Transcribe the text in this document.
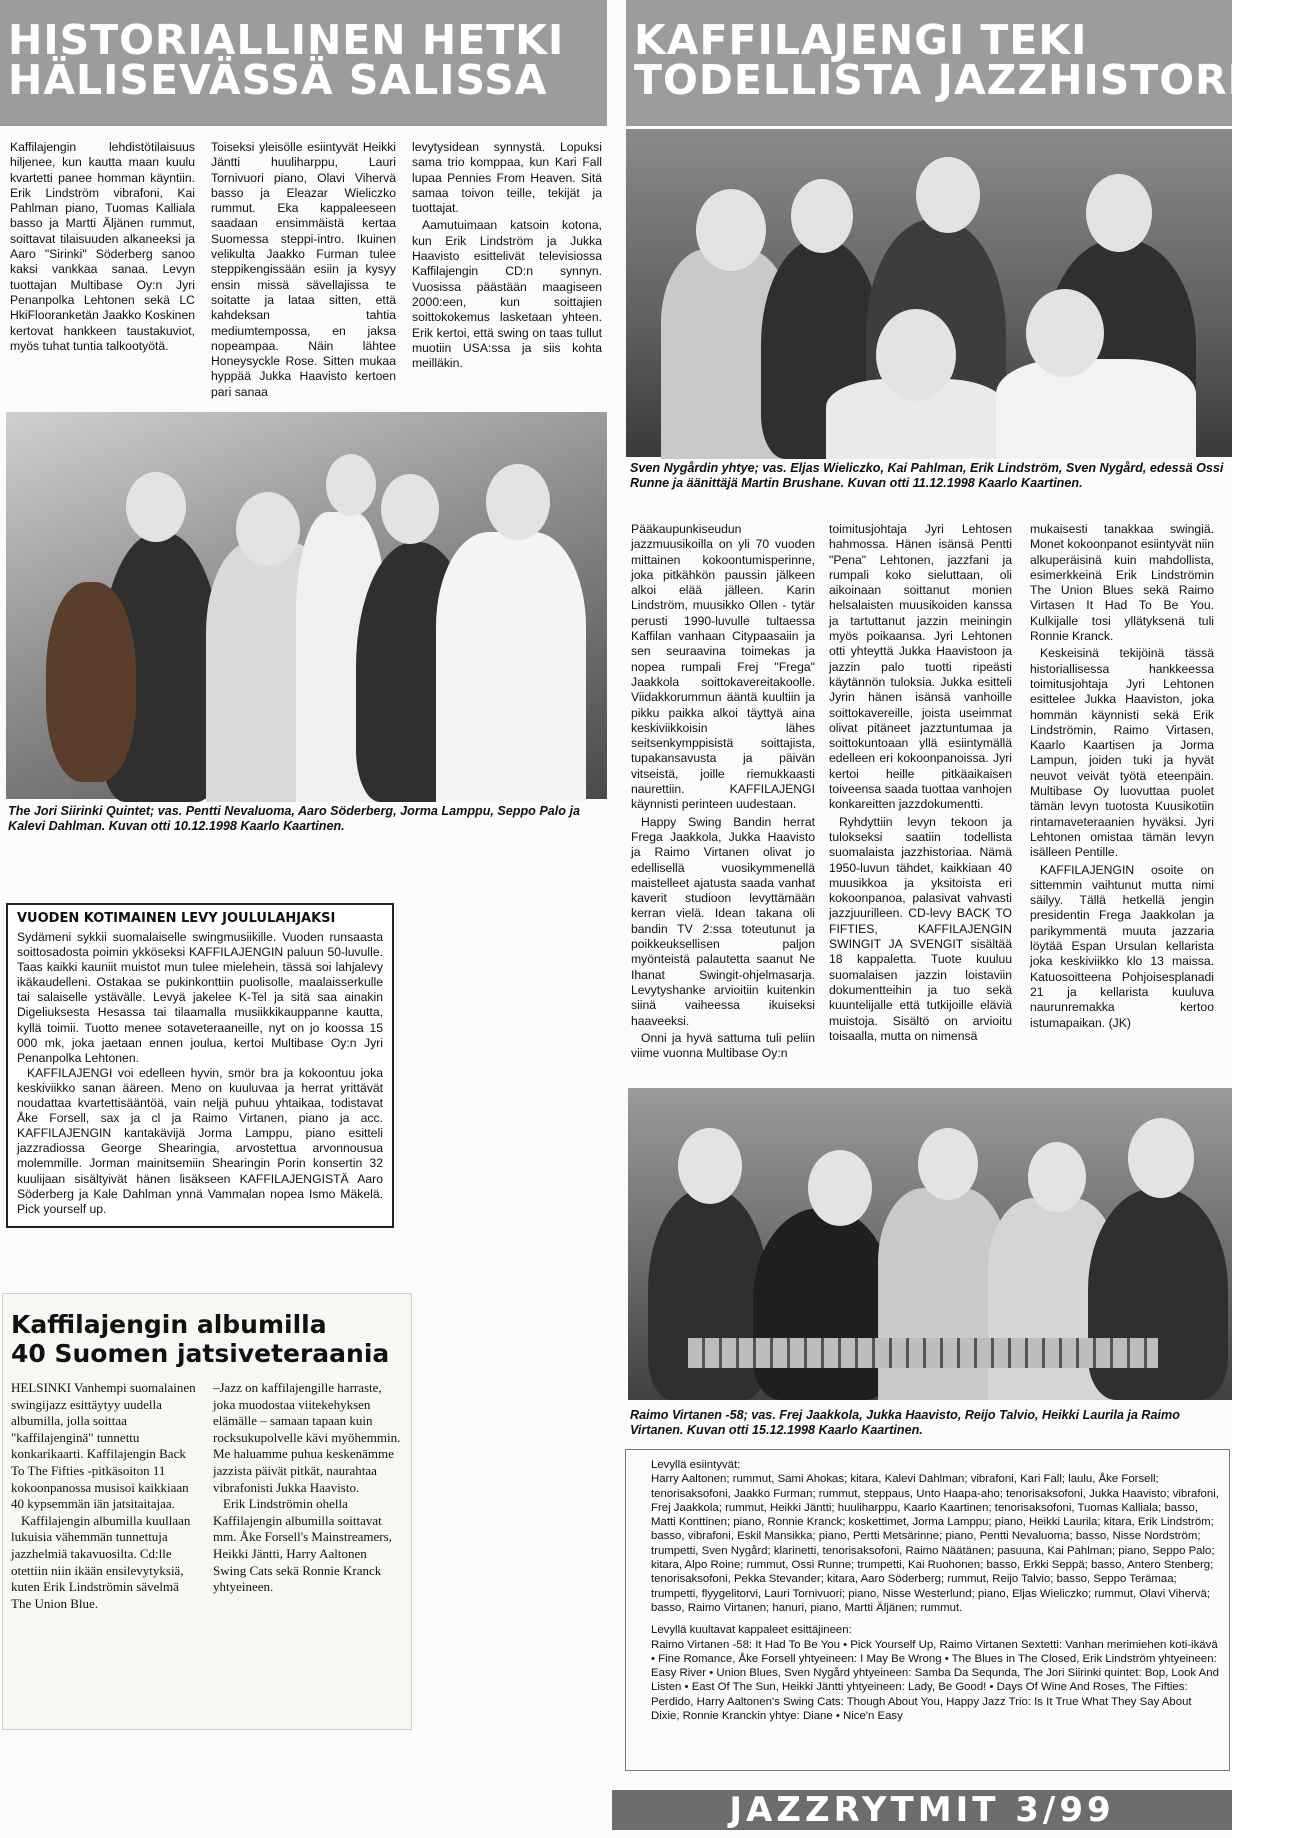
HISTORIALLINEN HETKI
HÄLISEVÄSSÄ SALISSA

Kaffilajengin lehdistötilaisuus hiljenee, kun kautta maan kuulu kvartetti panee homman käyntiin. Erik Lindström vibrafoni, Kai Pahlman piano, Tuomas Kalliala basso ja Martti Äljänen rummut, soittavat tilaisuuden alkaneeksi ja Aaro "Sirinki" Söderberg sanoo kaksi vankkaa sanaa. Levyn tuottajan Multibase Oy:n Jyri Penanpolka Lehtonen sekä LC HkiFlooranketän Jaakko Koskinen kertovat hankkeen taustakuviot, myös tuhat tuntia talkootyötä.

Toiseksi yleisölle esiintyvät Heikki Jäntti huuliharppu, Lauri Tornivuori piano, Olavi Vihervä basso ja Eleazar Wieliczko rummut. Eka kappaleeseen saadaan ensimmäistä kertaa Suomessa steppi-intro. Ikuinen velikulta Jaakko Furman tulee steppikengissään esiin ja kysyy ensin missä sävellajissa te soitatte ja lataa sitten, että kahdeksan tahtia mediumtempossa, en jaksa nopeampaa. Näin lähtee Honeysyckle Rose. Sitten mukaa hyppää Jukka Haavisto kertoen pari sanaa

levytysidean synnystä. Lopuksi sama trio komppaa, kun Kari Fall lupaa Pennies From Heaven. Sitä samaa toivon teille, tekijät ja tuottajat.

Aamutuimaan katsoin kotona, kun Erik Lindström ja Jukka Haavisto esittelivät televisiossa Kaffilajengin CD:n synnyn. Vuosissa päästään maagiseen 2000:een, kun soittajien soittokokemus lasketaan yhteen. Erik kertoi, että swing on taas tullut muotiin USA:ssa ja siis kohta meilläkin.

The Jori Siirinki Quintet; vas. Pentti Nevaluoma, Aaro Söderberg, Jorma Lamppu, Seppo Palo ja Kalevi Dahlman. Kuvan otti 10.12.1998 Kaarlo Kaartinen.
VUODEN KOTIMAINEN LEVY JOULULAHJAKSI

Sydämeni sykkii suomalaiselle swingmusiikille. Vuoden runsaasta soittosadosta poimin ykköseksi KAFFILAJENGIN paluun 50-luvulle. Taas kaikki kauniit muistot mun tulee mielehein, tässä soi lahjalevy ikäkaudelleni. Ostakaa se pukinkonttiin puolisolle, maalaisserkulle tai salaiselle ystävälle. Levyä jakelee K-Tel ja sitä saa ainakin Digeliuksesta Hesassa tai tilaamalla musiikkikauppanne kautta, kyllä toimii. Tuotto menee sotaveteraaneille, nyt on jo koossa 15 000 mk, joka jaetaan ennen joulua, kertoi Multibase Oy:n Jyri Penanpolka Lehtonen.

KAFFILAJENGI voi edelleen hyvin, smör bra ja kokoontuu joka keskiviikko sanan ääreen. Meno on kuuluvaa ja herrat yrittävät noudattaa kvartettisääntöä, vain neljä puhuu yhtaikaa, todistavat Åke Forsell, sax ja cl ja Raimo Virtanen, piano ja acc. KAFFILAJENGIN kantakävijä Jorma Lamppu, piano esitteli jazzradiossa George Shearingia, arvostettua arvonnousua molemmille. Jorman mainitsemiin Shearingin Porin konsertin 32 kuulijaan sisältyivät hänen lisäkseen KAFFILAJENGISTÄ Aaro Söderberg ja Kale Dahlman ynnä Vammalan nopea Ismo Mäkelä. Pick yourself up.

Kaffilajengin albumilla
40 Suomen jatsiveteraania

HELSINKI Vanhempi suomalainen swingijazz esittäytyy uudella albumilla, jolla soittaa "kaffilajenginä" tunnettu konkarikaarti. Kaffilajengin Back To The Fifties -pitkäsoiton 11 kokoonpanossa musisoi kaikkiaan 40 kypsemmän iän jatsitaitajaa.

Kaffilajengin albumilla kuullaan lukuisia vähemmän tunnettuja jazzhelmiä takavuosilta. Cd:lle otettiin niin ikään ensilevytyksiä, kuten Erik Lindströmin sävelmä The Union Blue.

–Jazz on kaffilajengille harraste, joka muodostaa viitekehyksen elämälle – samaan tapaan kuin rocksukupolvelle kävi myöhemmin. Me haluamme puhua keskenämme jazzista päivät pitkät, naurahtaa vibrafonisti Jukka Haavisto.

Erik Lindströmin ohella Kaffilajengin albumilla soittavat mm. Åke Forsell's Mainstreamers, Heikki Jäntti, Harry Aaltonen Swing Cats sekä Ronnie Kranck yhtyeineen.

KAFFILAJENGI TEKI
TODELLISTA JAZZHISTORIAA
Sven Nygårdin yhtye; vas. Eljas Wieliczko, Kai Pahlman, Erik Lindström, Sven Nygård, edessä Ossi Runne ja äänittäjä Martin Brushane. Kuvan otti 11.12.1998 Kaarlo Kaartinen.

Pääkaupunkiseudun jazzmuusikoilla on yli 70 vuoden mittainen kokoontumisperinne, joka pitkähkön paussin jälkeen alkoi elää jälleen. Karin Lindström, muusikko Ollen - tytär perusti 1990-luvulle tultaessa Kaffilan vanhaan Citypaasaiin ja sen seuraavina toimekas ja nopea rumpali Frej "Frega" Jaakkola soittokavereitakoolle. Viidakkorummun ääntä kuultiin ja pikku paikka alkoi täyttyä aina keskiviikkoisin lähes seitsenkymppisistä soittajista, tupakansavusta ja päivän vitseistä, joille riemukkaasti naurettiin. KAFFILAJENGI käynnisti perinteen uudestaan.

Happy Swing Bandin herrat Frega Jaakkola, Jukka Haavisto ja Raimo Virtanen olivat jo edellisellä vuosikymmenellä maistelleet ajatusta saada vanhat kaverit studioon levyttämään kerran vielä. Idean takana oli bandin TV 2:ssa toteutunut ja poikkeuksellisen paljon myönteistä palautetta saanut Ne Ihanat Swingit-ohjelmasarja. Levytyshanke arvioitiin kuitenkin siinä vaiheessa ikuiseksi haaveeksi.

Onni ja hyvä sattuma tuli peliin viime vuonna Multibase Oy:n

toimitusjohtaja Jyri Lehtosen hahmossa. Hänen isänsä Pentti "Pena" Lehtonen, jazzfani ja rumpali koko sieluttaan, oli aikoinaan soittanut monien helsalaisten muusikoiden kanssa ja tartuttanut jazzin meiningin myös poikaansa. Jyri Lehtonen otti yhteyttä Jukka Haavistoon ja jazzin palo tuotti ripeästi käytännön tuloksia. Jukka esitteli Jyrin hänen isänsä vanhoille soittokavereille, joista useimmat olivat pitäneet jazztuntumaa ja soittokuntoaan yllä esiintymällä edelleen eri kokoonpanoissa. Jyri kertoi heille pitkäaikaisen toiveensa saada tuottaa vanhojen konkareitten jazzdokumentti.

Ryhdyttiin levyn tekoon ja tulokseksi saatiin todellista suomalaista jazzhistoriaa. Nämä 1950-luvun tähdet, kaikkiaan 40 muusikkoa ja yksitoista eri kokoonpanoa, palasivat vahvasti jazzjuurilleen. CD-levy BACK TO FIFTIES, KAFFILAJENGIN SWINGIT JA SVENGIT sisältää 18 kappaletta. Tuote kuuluu suomalaisen jazzin loistaviin dokumentteihin ja tuo sekä kuuntelijalle että tutkijoille eläviä muistoja. Sisältö on arvioitu toisaalla, mutta on nimensä

mukaisesti tanakkaa swingiä. Monet kokoonpanot esiintyvät niin alkuperäisinä kuin mahdollista, esimerkkeinä Erik Lindströmin The Union Blues sekä Raimo Virtasen It Had To Be You. Kulkijalle tosi yllätyksenä tuli Ronnie Kranck.

Keskeisinä tekijöinä tässä historiallisessa hankkeessa toimitusjohtaja Jyri Lehtonen esittelee Jukka Haaviston, joka hommän käynnisti sekä Erik Lindströmin, Raimo Virtasen, Kaarlo Kaartisen ja Jorma Lampun, joiden tuki ja hyvät neuvot veivät työtä eteenpäin. Multibase Oy luovuttaa puolet tämän levyn tuotosta Kuusikotiin rintamaveteraanien hyväksi. Jyri Lehtonen omistaa tämän levyn isälleen Pentille.

KAFFILAJENGIN osoite on sittemmin vaihtunut mutta nimi säilyy. Tällä hetkellä jengin presidentin Frega Jaakkolan ja parikymmentä muuta jazzaria löytää Espan Ursulan kellarista joka keskiviikko klo 13 maissa. Katuosoitteena Pohjoisesplanadi 21 ja kellarista kuuluva naurunremakka kertoo istumapaikan. (JK)

Raimo Virtanen -58; vas. Frej Jaakkola, Jukka Haavisto, Reijo Talvio, Heikki Laurila ja Raimo Virtanen. Kuvan otti 15.12.1998 Kaarlo Kaartinen.

Levyllä esiintyvät:

Harry Aaltonen; rummut, Sami Ahokas; kitara, Kalevi Dahlman; vibrafoni, Kari Fall; laulu, Åke Forsell; tenorisaksofoni, Jaakko Furman; rummut, steppaus, Unto Haapa-aho; tenorisaksofoni, Jukka Haavisto; vibrafoni, Frej Jaakkola; rummut, Heikki Jäntti; huuliharppu, Kaarlo Kaartinen; tenorisaksofoni, Tuomas Kalliala; basso, Matti Konttinen; piano, Ronnie Kranck; koskettimet, Jorma Lamppu; piano, Heikki Laurila; kitara, Erik Lindström; basso, vibrafoni, Eskil Mansikka; piano, Pertti Metsärinne; piano, Pentti Nevaluoma; basso, Nisse Nordström; trumpetti, Sven Nygård; klarinetti, tenorisaksofoni, Raimo Näätänen; pasuuna, Kai Pahlman; piano, Seppo Palo; kitara, Alpo Roine; rummut, Ossi Runne; trumpetti, Kai Ruohonen; basso, Erkki Seppä; basso, Antero Stenberg; tenorisaksofoni, Pekka Stevander; kitara, Aaro Söderberg; rummut, Reijo Talvio; basso, Seppo Terämaa; trumpetti, flyygelitorvi, Lauri Tornivuori; piano, Nisse Westerlund; piano, Eljas Wieliczko; rummut, Olavi Vihervä; basso, Raimo Virtanen; hanuri, piano, Martti Äljänen; rummut.

Levyllä kuultavat kappaleet esittäjineen:

Raimo Virtanen -58: It Had To Be You • Pick Yourself Up, Raimo Virtanen Sextetti: Vanhan merimiehen koti-ikävä • Fine Romance, Åke Forsell yhtyeineen: I May Be Wrong • The Blues in The Closed, Erik Lindström yhtyeineen: Easy River • Union Blues, Sven Nygård yhtyeineen: Samba Da Sequnda, The Jori Siirinki quintet: Bop, Look And Listen • East Of The Sun, Heikki Jäntti yhtyeineen: Lady, Be Good! • Days Of Wine And Roses, The Fifties: Perdido, Harry Aaltonen's Swing Cats: Though About You, Happy Jazz Trio: Is It True What They Say About Dixie, Ronnie Kranckin yhtye: Diane • Nice'n Easy

JAZZRYTMIT 3/99
